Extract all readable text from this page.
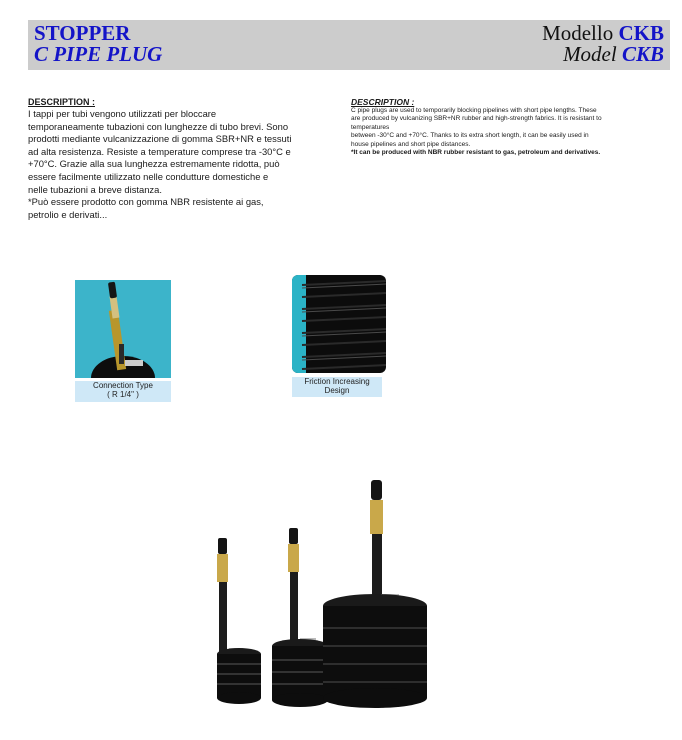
STOPPER
C PIPE PLUG
Modello CKB
Model CKB
DESCRIPTION :
I tappi per tubi vengono utilizzati per bloccare
temporaneamente tubazioni con lunghezze di tubo brevi. Sono
prodotti mediante vulcanizzazione di gomma SBR+NR e tessuti
ad alta resistenza. Resiste a temperature comprese tra -30°C e
+70°C. Grazie alla sua lunghezza estremamente ridotta, può
essere facilmente utilizzato nelle condutture domestiche e
nelle tubazioni a breve distanza.
*Può essere prodotto con gomma NBR resistente ai gas,
petrolio e derivati...
DESCRIPTION :
C pipe plugs are used to temporarily blocking pipelines with short pipe lengths. These
are produced by vulcanizing SBR+NR rubber and high-strength fabrics. It is resistant to
temperatures
between -30°C and +70°C. Thanks to its extra short length, it can be easily used in
house pipelines and short pipe distances.
*It can be produced with NBR rubber resistant to gas, petroleum and derivatives.
Connection Type
( R 1/4" )
Friction Increasing
Design
